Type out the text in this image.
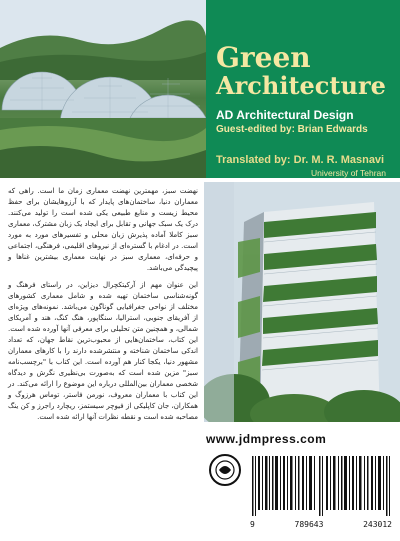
Green
Architecture
AD Architectural Design
Guest-edited by: Brian Edwards
Translated by: Dr. M. R. Masnavi
University of Tehran

نهضت سبز، مهمترین نهضت معماری زمان ما است. راهی که معماران دنیا، ساختمان‌های پایدار که با آرزوهایشان برای حفظ محیط زیست و منابع طبیعی یکی شده است را تولید می‌کنند. درک یک سبک جهانی و تقابل برای ایجاد یک زبان مشترک، معماری سبز کاملا آماده پذیرش زبان محلی و تفسیرهای مورد به مورد است. در ادغام با گستره‌ای از نیروهای اقلیمی، فرهنگی، اجتماعی و حرفه‌ای، معماری سبز در نهایت معماری بیشترین غناها و پیچیدگی می‌باشد.

این عنوان مهم از آرکیتکچرال دیزاین، در راستای فرهنگ و گونه‌شناسی ساختمان تهیه شده و شامل معماری کشورهای مختلف از نواحی جغرافیایی گوناگون می‌باشد. نمونه‌های ویژه‌ای از آفریقای جنوبی، استرالیا، سنگاپور، هنگ کنگ، هند و آمریکای شمالی، و همچنین متن تحلیلی برای معرفی آنها آورده شده است. این کتاب، ساختمان‌هایی از محبوب‌ترین نقاط جهان، که تعداد اندکی ساختمان شناخته و منتشرشده دارند را با کارهای معماران مشهور دنیا، یکجا کنار هم آورده است. این کتاب با "برچسب‌نامه سبز" مزین شده است که به‌صورت بی‌نظیری نگرش و دیدگاه شخصی معماران بین‌المللی درباره این موضوع را ارائه می‌کند. در این کتاب با معماران معروف، نورمن فاستر، توماس هرزوگ و همکاران، جان کاپلیکی از فیوچر سیستمز، ریچارد راجرز و کن ینگ مصاحبه شده است و نقطه نظرات آنها ارائه شده است.

www.jdmpress.com
9	789643	243012
